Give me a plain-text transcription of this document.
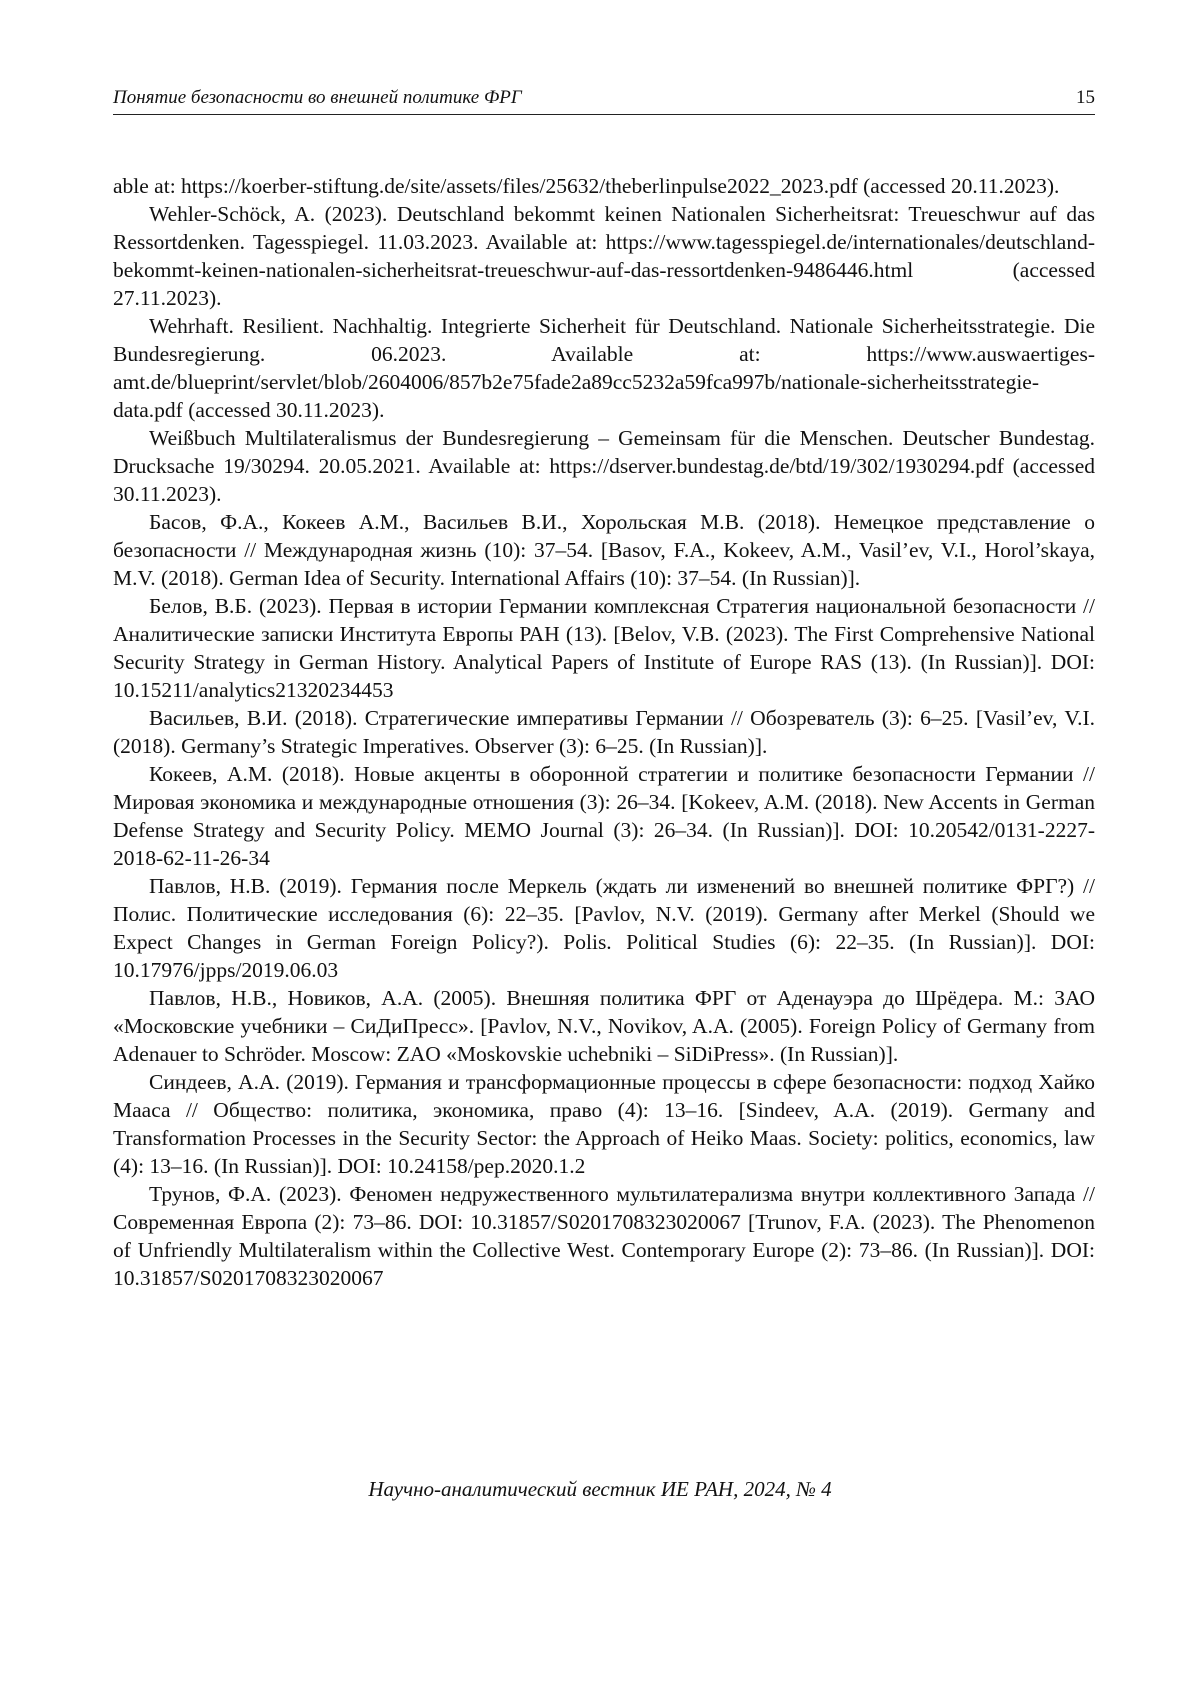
Понятие безопасности во внешней политике ФРГ	15

able at: https://koerber-stiftung.de/site/assets/files/25632/theberlinpulse2022_2023.pdf (accessed 20.11.2023).

Wehler-Schöck, A. (2023). Deutschland bekommt keinen Nationalen Sicherheitsrat: Treueschwur auf das Ressortdenken. Tagesspiegel. 11.03.2023. Available at: https://www.tagesspiegel.de/internationales/deutschland-bekommt-keinen-nationalen-sicherheitsrat-treueschwur-auf-das-ressortdenken-9486446.html (accessed 27.11.2023).

Wehrhaft. Resilient. Nachhaltig. Integrierte Sicherheit für Deutschland. Nationale Sicherheitsstrategie. Die Bundesregierung. 06.2023. Available at: https://www.auswaertiges-amt.de/blueprint/servlet/blob/2604006/857b2e75fade2a89cc5232a59fca997b/nationale-sicherheitsstrategie-data.pdf (accessed 30.11.2023).

Weißbuch Multilateralismus der Bundesregierung – Gemeinsam für die Menschen. Deutscher Bundestag. Drucksache 19/30294. 20.05.2021. Available at: https://dserver.bundestag.de/btd/19/302/1930294.pdf (accessed 30.11.2023).

Басов, Ф.А., Кокеев А.М., Васильев В.И., Хорольская М.В. (2018). Немецкое представление о безопасности // Международная жизнь (10): 37–54. [Basov, F.A., Kokeev, A.M., Vasil’ev, V.I., Horol’skaya, M.V. (2018). German Idea of Security. International Affairs (10): 37–54. (In Russian)].

Белов, В.Б. (2023). Первая в истории Германии комплексная Стратегия национальной безопасности // Аналитические записки Института Европы РАН (13). [Belov, V.B. (2023). The First Comprehensive National Security Strategy in German History. Analytical Papers of Institute of Europe RAS (13). (In Russian)]. DOI: 10.15211/analytics21320234453

Васильев, В.И. (2018). Стратегические императивы Германии // Обозреватель (3): 6–25. [Vasil’ev, V.I. (2018). Germany’s Strategic Imperatives. Observer (3): 6–25. (In Russian)].

Кокеев, А.М. (2018). Новые акценты в оборонной стратегии и политике безопасности Германии // Мировая экономика и международные отношения (3): 26–34. [Kokeev, A.M. (2018). New Accents in German Defense Strategy and Security Policy. MEMO Journal (3): 26–34. (In Russian)]. DOI: 10.20542/0131-2227-2018-62-11-26-34

Павлов, Н.В. (2019). Германия после Меркель (ждать ли изменений во внешней политике ФРГ?) // Полис. Политические исследования (6): 22–35. [Pavlov, N.V. (2019). Germany after Merkel (Should we Expect Changes in German Foreign Policy?). Polis. Political Studies (6): 22–35. (In Russian)]. DOI: 10.17976/jpps/2019.06.03

Павлов, Н.В., Новиков, А.А. (2005). Внешняя политика ФРГ от Аденауэра до Шрёдера. М.: ЗАО «Московские учебники – СиДиПресс». [Pavlov, N.V., Novikov, A.A. (2005). Foreign Policy of Germany from Adenauer to Schröder. Moscow: ZAO «Moskovskie uchebniki – SiDiPress». (In Russian)].

Синдеев, А.А. (2019). Германия и трансформационные процессы в сфере безопасности: подход Хайко Мааса // Общество: политика, экономика, право (4): 13–16. [Sindeev, A.A. (2019). Germany and Transformation Processes in the Security Sector: the Approach of Heiko Maas. Society: politics, economics, law (4): 13–16. (In Russian)]. DOI: 10.24158/pep.2020.1.2

Трунов, Ф.А. (2023). Феномен недружественного мультилатерализма внутри коллективного Запада // Современная Европа (2): 73–86. DOI: 10.31857/S0201708323020067 [Trunov, F.A. (2023). The Phenomenon of Unfriendly Multilateralism within the Collective West. Contemporary Europe (2): 73–86. (In Russian)]. DOI: 10.31857/S0201708323020067

Научно-аналитический вестник ИЕ РАН, 2024, № 4
